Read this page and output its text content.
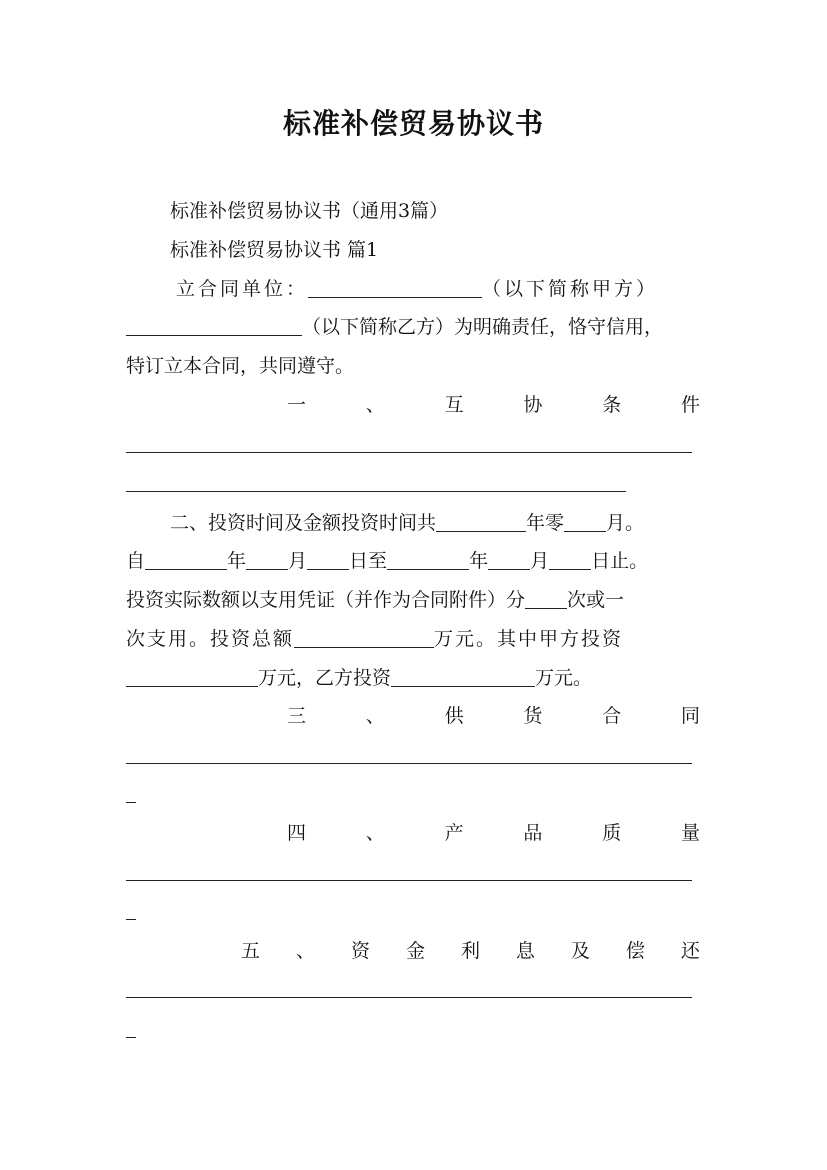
标准补偿贸易协议书
标准补偿贸易协议书（通用3篇）
标准补偿贸易协议书 篇1
立合同单位：	（以下简称甲方）
（以下简称乙方）为明确责任，恪守信用，
特订立本合同，共同遵守。
一	、	互	协	条	件
二、投资时间及金额投资时间共	年零 月。
自	年 月 日至	年 月 日止。
投资实际数额以支用凭证（并作为合同附件）分 次或一
次支用。投资总额	万元。其中甲方投资
万元，乙方投资	万元。
三	、	供	货	合	同
四	、	产	品	质	量
五 、 资 金 利 息 及 偿 还
